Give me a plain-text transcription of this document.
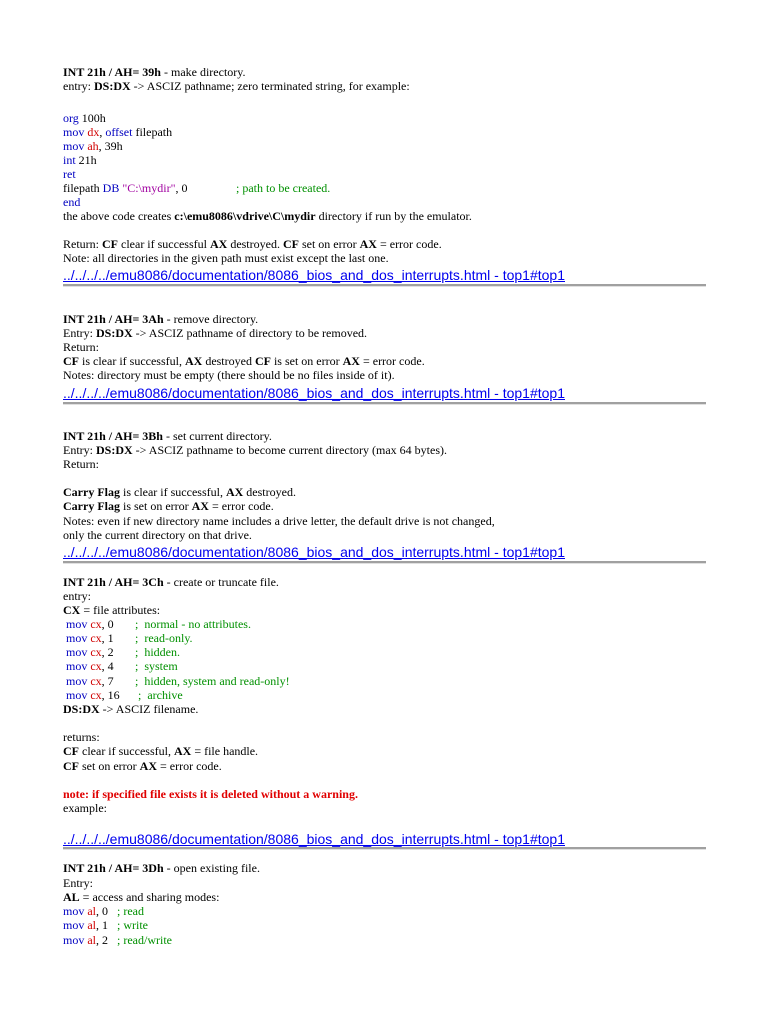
INT 21h / AH= 39h - make directory.
entry: DS:DX -> ASCIZ pathname; zero terminated string, for example:
org 100h
mov dx, offset filepath
mov ah, 39h
int 21h
ret
filepath DB "C:\mydir", 0	; path to be created.
end
the above code creates c:\emu8086\vdrive\C\mydir directory if run by the emulator.
Return: CF clear if successful AX destroyed. CF set on error AX = error code.
Note: all directories in the given path must exist except the last one.
../../../../emu8086/documentation/8086_bios_and_dos_interrupts.html - top1#top1
INT 21h / AH= 3Ah - remove directory.
Entry: DS:DX -> ASCIZ pathname of directory to be removed.
Return:
CF is clear if successful, AX destroyed CF is set on error AX = error code.
Notes: directory must be empty (there should be no files inside of it).
../../../../emu8086/documentation/8086_bios_and_dos_interrupts.html - top1#top1
INT 21h / AH= 3Bh - set current directory.
Entry: DS:DX -> ASCIZ pathname to become current directory (max 64 bytes).
Return:
Carry Flag is clear if successful, AX destroyed.
Carry Flag is set on error AX = error code.
Notes: even if new directory name includes a drive letter, the default drive is not changed,
only the current directory on that drive.
../../../../emu8086/documentation/8086_bios_and_dos_interrupts.html - top1#top1
INT 21h / AH= 3Ch - create or truncate file.
entry:
CX = file attributes:
mov cx, 0 ;  normal - no attributes.
mov cx, 1 ;  read-only.
mov cx, 2 ;  hidden.
mov cx, 4 ;  system
mov cx, 7 ;  hidden, system and read-only!
mov cx, 16 ;  archive
DS:DX -> ASCIZ filename.
returns:
CF clear if successful, AX = file handle.
CF set on error AX = error code.
note: if specified file exists it is deleted without a warning.
example:
../../../../emu8086/documentation/8086_bios_and_dos_interrupts.html - top1#top1
INT 21h / AH= 3Dh - open existing file.
Entry:
AL = access and sharing modes:
mov al, 0 ; read
mov al, 1 ; write
mov al, 2 ; read/write
